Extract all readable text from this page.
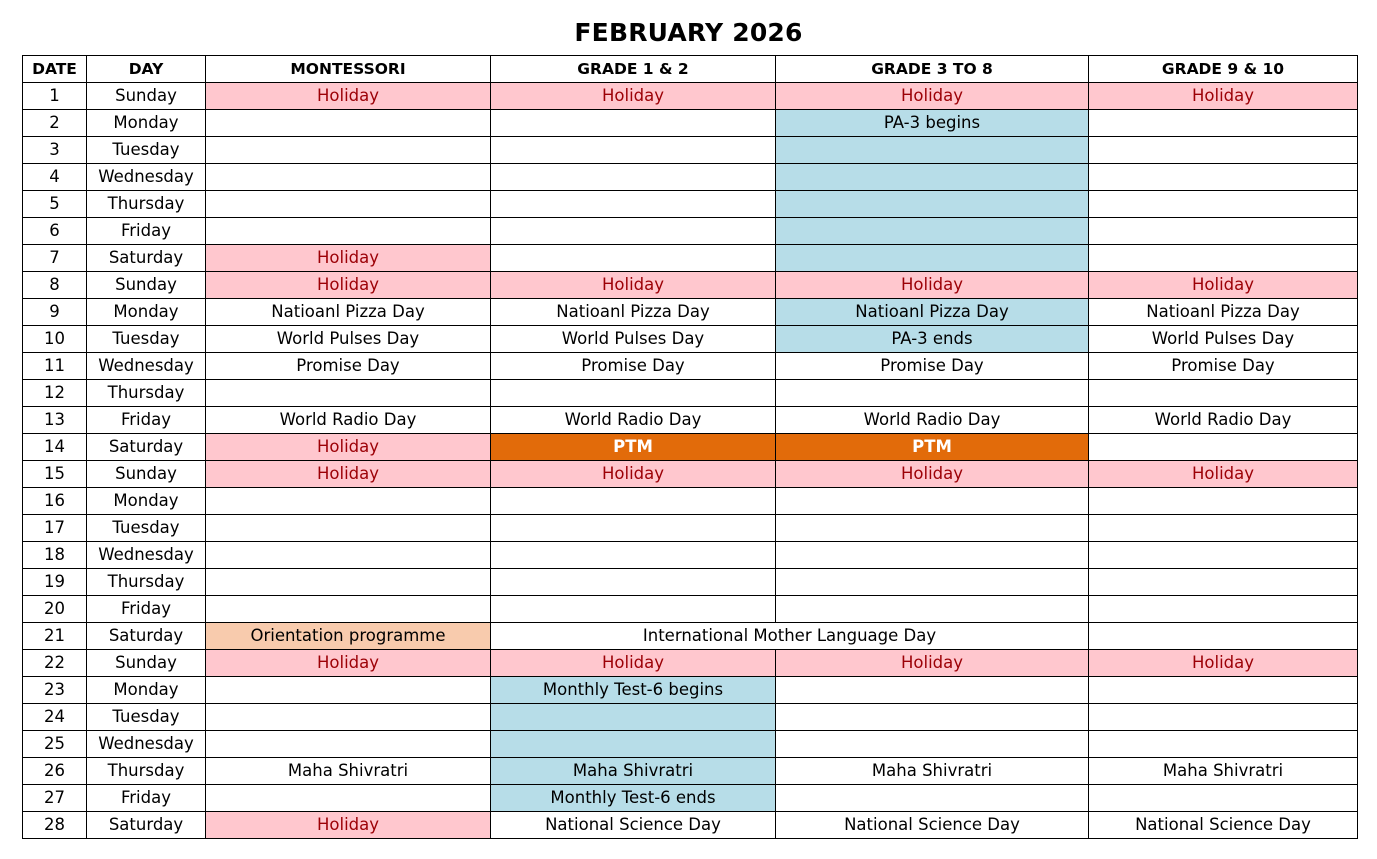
FEBRUARY 2026
DATE	DAY	MONTESSORI	GRADE 1 & 2	GRADE 3 TO 8	GRADE 9 & 10
1	Sunday	Holiday	Holiday	Holiday	Holiday
2	Monday			PA-3 begins	
3	Tuesday				
4	Wednesday				
5	Thursday				
6	Friday				
7	Saturday	Holiday			
8	Sunday	Holiday	Holiday	Holiday	Holiday
9	Monday	Natioanl Pizza Day	Natioanl Pizza Day	Natioanl Pizza Day	Natioanl Pizza Day
10	Tuesday	World Pulses Day	World Pulses Day	PA-3 ends	World Pulses Day
11	Wednesday	Promise Day	Promise Day	Promise Day	Promise Day
12	Thursday				
13	Friday	World Radio Day	World Radio Day	World Radio Day	World Radio Day
14	Saturday	Holiday	PTM	PTM	
15	Sunday	Holiday	Holiday	Holiday	Holiday
16	Monday				
17	Tuesday				
18	Wednesday				
19	Thursday				
20	Friday				
21	Saturday	Orientation programme	International Mother Language Day		
22	Sunday	Holiday	Holiday	Holiday	Holiday
23	Monday		Monthly Test-6 begins		
24	Tuesday				
25	Wednesday				
26	Thursday	Maha Shivratri	Maha Shivratri	Maha Shivratri	Maha Shivratri
27	Friday		Monthly Test-6 ends		
28	Saturday	Holiday	National Science Day	National Science Day	National Science Day
